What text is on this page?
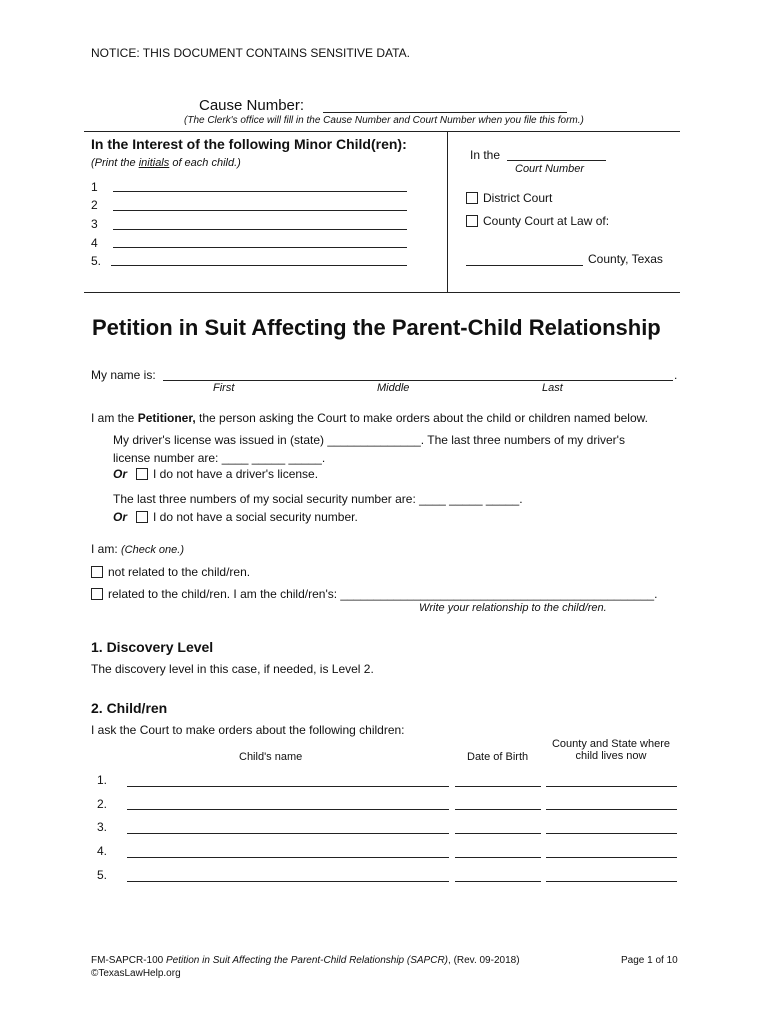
NOTICE: THIS DOCUMENT CONTAINS SENSITIVE DATA.
Cause Number:
(The Clerk's office will fill in the Cause Number and Court Number when you file this form.)
In the Interest of the following Minor Child(ren):
(Print the initials of each child.)
1
2
3
4
5.
In the
Court Number
District Court
County Court at Law of:
County, Texas
Petition in Suit Affecting the Parent-Child Relationship
My name is:	.
First	Middle	Last
I am the Petitioner, the person asking the Court to make orders about the child or children named below.
My driver's license was issued in (state) ______________. The last three numbers of my driver's
license number are: ____ _____ _____.
Or I do not have a driver's license.
The last three numbers of my social security number are: ____ _____ _____.
Or I do not have a social security number.
I am: (Check one.)
not related to the child/ren.
related to the child/ren. I am the child/ren's: _______________________________________________.
Write your relationship to the child/ren.
1. Discovery Level
The discovery level in this case, if needed, is Level 2.
2. Child/ren
I ask the Court to make orders about the following children:
Child's name	Date of Birth
County and State where
child lives now
1.
2.
3.
4.
5.
FM-SAPCR-100 Petition in Suit Affecting the Parent-Child Relationship (SAPCR), (Rev. 09-2018)
©TexasLawHelp.org
Page 1 of 10
